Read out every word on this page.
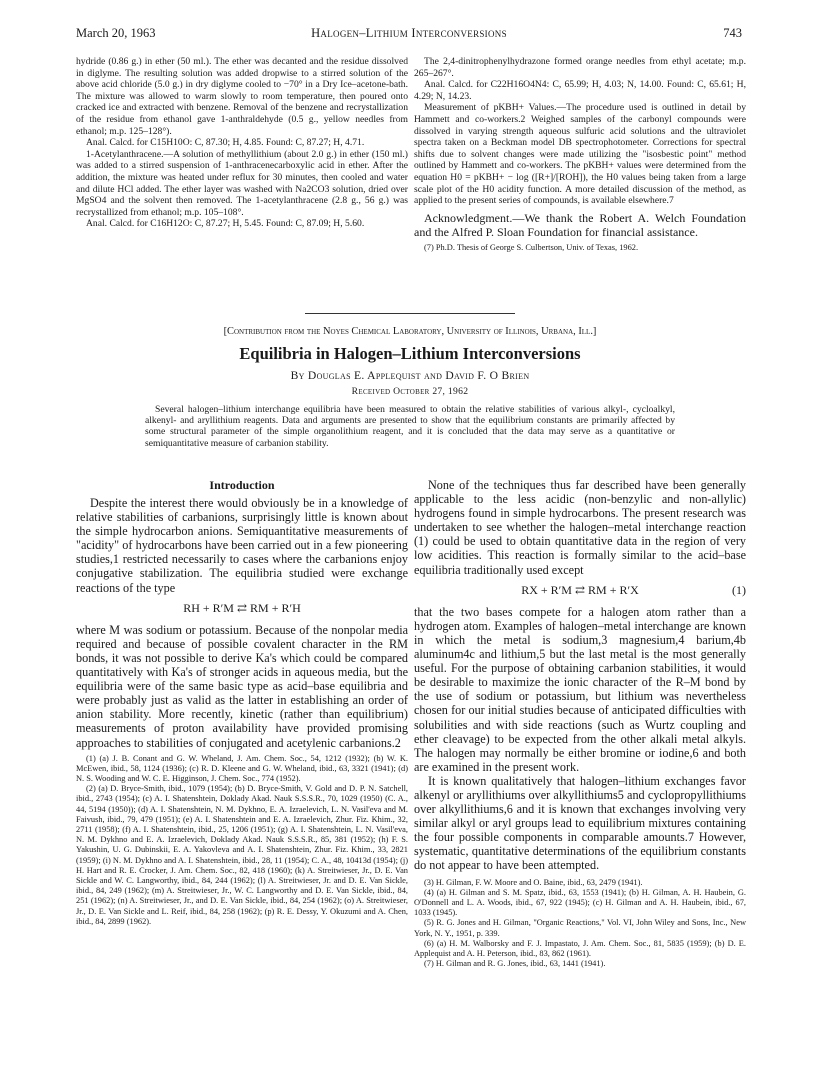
March 20, 1963	Halogen–Lithium Interconversions	743

hydride (0.86 g.) in ether (50 ml.). The ether was decanted and the residue dissolved in diglyme. The resulting solution was added dropwise to a stirred solution of the above acid chloride (5.0 g.) in dry diglyme cooled to −70° in a Dry Ice–acetone-bath. The mixture was allowed to warm slowly to room temperature, then poured onto cracked ice and extracted with benzene. Removal of the benzene and recrystallization of the residue from ethanol gave 1-anthraldehyde (0.5 g., yellow needles from ethanol; m.p. 125–128°).

Anal. Calcd. for C15H10O: C, 87.30; H, 4.85. Found: C, 87.27; H, 4.71.

1-Acetylanthracene.—A solution of methyllithium (about 2.0 g.) in ether (150 ml.) was added to a stirred suspension of 1-anthracenecarboxylic acid in ether. After the addition, the mixture was heated under reflux for 30 minutes, then cooled and water and dilute HCl added. The ether layer was washed with Na2CO3 solution, dried over MgSO4 and the solvent then removed. The 1-acetylanthracene (2.8 g., 56 g.) was recrystallized from ethanol; m.p. 105–108°.

Anal. Calcd. for C16H12O: C, 87.27; H, 5.45. Found: C, 87.09; H, 5.60.

The 2,4-dinitrophenylhydrazone formed orange needles from ethyl acetate; m.p. 265–267°.

Anal. Calcd. for C22H16O4N4: C, 65.99; H, 4.03; N, 14.00. Found: C, 65.61; H, 4.29; N, 14.23.

Measurement of pKBH+ Values.—The procedure used is outlined in detail by Hammett and co-workers.2 Weighed samples of the carbonyl compounds were dissolved in varying strength aqueous sulfuric acid solutions and the ultraviolet spectra taken on a Beckman model DB spectrophotometer. Corrections for spectral shifts due to solvent changes were made utilizing the "isosbestic point" method outlined by Hammett and co-workers. The pKBH+ values were determined from the equation H0 = pKBH+ − log ([R+]/[ROH]), the H0 values being taken from a large scale plot of the H0 acidity function. A more detailed discussion of the method, as applied to the present series of compounds, is available elsewhere.7

Acknowledgment.—We thank the Robert A. Welch Foundation and the Alfred P. Sloan Foundation for financial assistance.

(7) Ph.D. Thesis of George S. Culbertson, Univ. of Texas, 1962.

[Contribution from the Noyes Chemical Laboratory, University of Illinois, Urbana, Ill.]
Equilibria in Halogen–Lithium Interconversions
By Douglas E. Applequist and David F. O Brien
Received October 27, 1962

Several halogen–lithium interchange equilibria have been measured to obtain the relative stabilities of various alkyl-, cycloalkyl, alkenyl- and aryllithium reagents. Data and arguments are presented to show that the equilibrium constants are primarily affected by some structural parameter of the simple organolithium reagent, and it is concluded that the data may serve as a quantitative or semiquantitative measure of carbanion stability.

Introduction

Despite the interest there would obviously be in a knowledge of relative stabilities of carbanions, surprisingly little is known about the simple hydrocarbon anions. Semiquantitative measurements of "acidity" of hydrocarbons have been carried out in a few pioneering studies,1 restricted necessarily to cases where the carbanions enjoy conjugative stabilization. The equilibria studied were exchange reactions of the type

RH + R′M ⇄ RM + R′H

where M was sodium or potassium. Because of the nonpolar media required and because of possible covalent character in the RM bonds, it was not possible to derive Ka's which could be compared quantitatively with Ka's of stronger acids in aqueous media, but the equilibria were of the same basic type as acid–base equilibria and were probably just as valid as the latter in establishing an order of anion stability. More recently, kinetic (rather than equilibrium) measurements of proton availability have provided promising approaches to stabilities of conjugated and acetylenic carbanions.2

(1) (a) J. B. Conant and G. W. Wheland, J. Am. Chem. Soc., 54, 1212 (1932); (b) W. K. McEwen, ibid., 58, 1124 (1936); (c) R. D. Kleene and G. W. Wheland, ibid., 63, 3321 (1941); (d) N. S. Wooding and W. C. E. Higginson, J. Chem. Soc., 774 (1952).

(2) (a) D. Bryce-Smith, ibid., 1079 (1954); (b) D. Bryce-Smith, V. Gold and D. P. N. Satchell, ibid., 2743 (1954); (c) A. I. Shatenshtein, Doklady Akad. Nauk S.S.S.R., 70, 1029 (1950) (C. A., 44, 5194 (1950)); (d) A. I. Shatenshtein, N. M. Dykhno, E. A. Izraelevich, L. N. Vasil'eva and M. Faivush, ibid., 79, 479 (1951); (e) A. I. Shatenshtein and E. A. Izraelevich, Zhur. Fiz. Khim., 32, 2711 (1958); (f) A. I. Shatenshtein, ibid., 25, 1206 (1951); (g) A. I. Shatenshtein, L. N. Vasil'eva, N. M. Dykhno and E. A. Izraelevich, Doklady Akad. Nauk S.S.S.R., 85, 381 (1952); (h) F. S. Yakushin, U. G. Dubinskii, E. A. Yakovleva and A. I. Shatenshtein, Zhur. Fiz. Khim., 33, 2821 (1959); (i) N. M. Dykhno and A. I. Shatenshtein, ibid., 28, 11 (1954); C. A., 48, 10413d (1954); (j) H. Hart and R. E. Crocker, J. Am. Chem. Soc., 82, 418 (1960); (k) A. Streitwieser, Jr., D. E. Van Sickle and W. C. Langworthy, ibid., 84, 244 (1962); (l) A. Streitwieser, Jr. and D. E. Van Sickle, ibid., 84, 249 (1962); (m) A. Streitwieser, Jr., W. C. Langworthy and D. E. Van Sickle, ibid., 84, 251 (1962); (n) A. Streitwieser, Jr., and D. E. Van Sickle, ibid., 84, 254 (1962); (o) A. Streitwieser, Jr., D. E. Van Sickle and L. Reif, ibid., 84, 258 (1962); (p) R. E. Dessy, Y. Okuzumi and A. Chen, ibid., 84, 2899 (1962).

None of the techniques thus far described have been generally applicable to the less acidic (non-benzylic and non-allylic) hydrogens found in simple hydrocarbons. The present research was undertaken to see whether the halogen–metal interchange reaction (1) could be used to obtain quantitative data in the region of very low acidities. This reaction is formally similar to the acid–base equilibria traditionally used except

RX + R′M ⇄ RM + R′X	(1)

that the two bases compete for a halogen atom rather than a hydrogen atom. Examples of halogen–metal interchange are known in which the metal is sodium,3 magnesium,4 barium,4b aluminum4c and lithium,5 but the last metal is the most generally useful. For the purpose of obtaining carbanion stabilities, it would be desirable to maximize the ionic character of the R–M bond by the use of sodium or potassium, but lithium was nevertheless chosen for our initial studies because of anticipated difficulties with solubilities and with side reactions (such as Wurtz coupling and ether cleavage) to be expected from the other alkali metal alkyls. The halogen may normally be either bromine or iodine,6 and both are examined in the present work.

It is known qualitatively that halogen–lithium exchanges favor alkenyl or aryllithiums over alkyllithiums5 and cyclopropyllithiums over alkyllithiums,6 and it is known that exchanges involving very similar alkyl or aryl groups lead to equilibrium mixtures containing the four possible components in comparable amounts.7 However, systematic, quantitative determinations of the equilibrium constants do not appear to have been attempted.

(3) H. Gilman, F. W. Moore and O. Baine, ibid., 63, 2479 (1941).

(4) (a) H. Gilman and S. M. Spatz, ibid., 63, 1553 (1941); (b) H. Gilman, A. H. Haubein, G. O'Donnell and L. A. Woods, ibid., 67, 922 (1945); (c) H. Gilman and A. H. Haubein, ibid., 67, 1033 (1945).

(5) R. G. Jones and H. Gilman, "Organic Reactions," Vol. VI, John Wiley and Sons, Inc., New York, N. Y., 1951, p. 339.

(6) (a) H. M. Walborsky and F. J. Impastato, J. Am. Chem. Soc., 81, 5835 (1959); (b) D. E. Applequist and A. H. Peterson, ibid., 83, 862 (1961).

(7) H. Gilman and R. G. Jones, ibid., 63, 1441 (1941).
